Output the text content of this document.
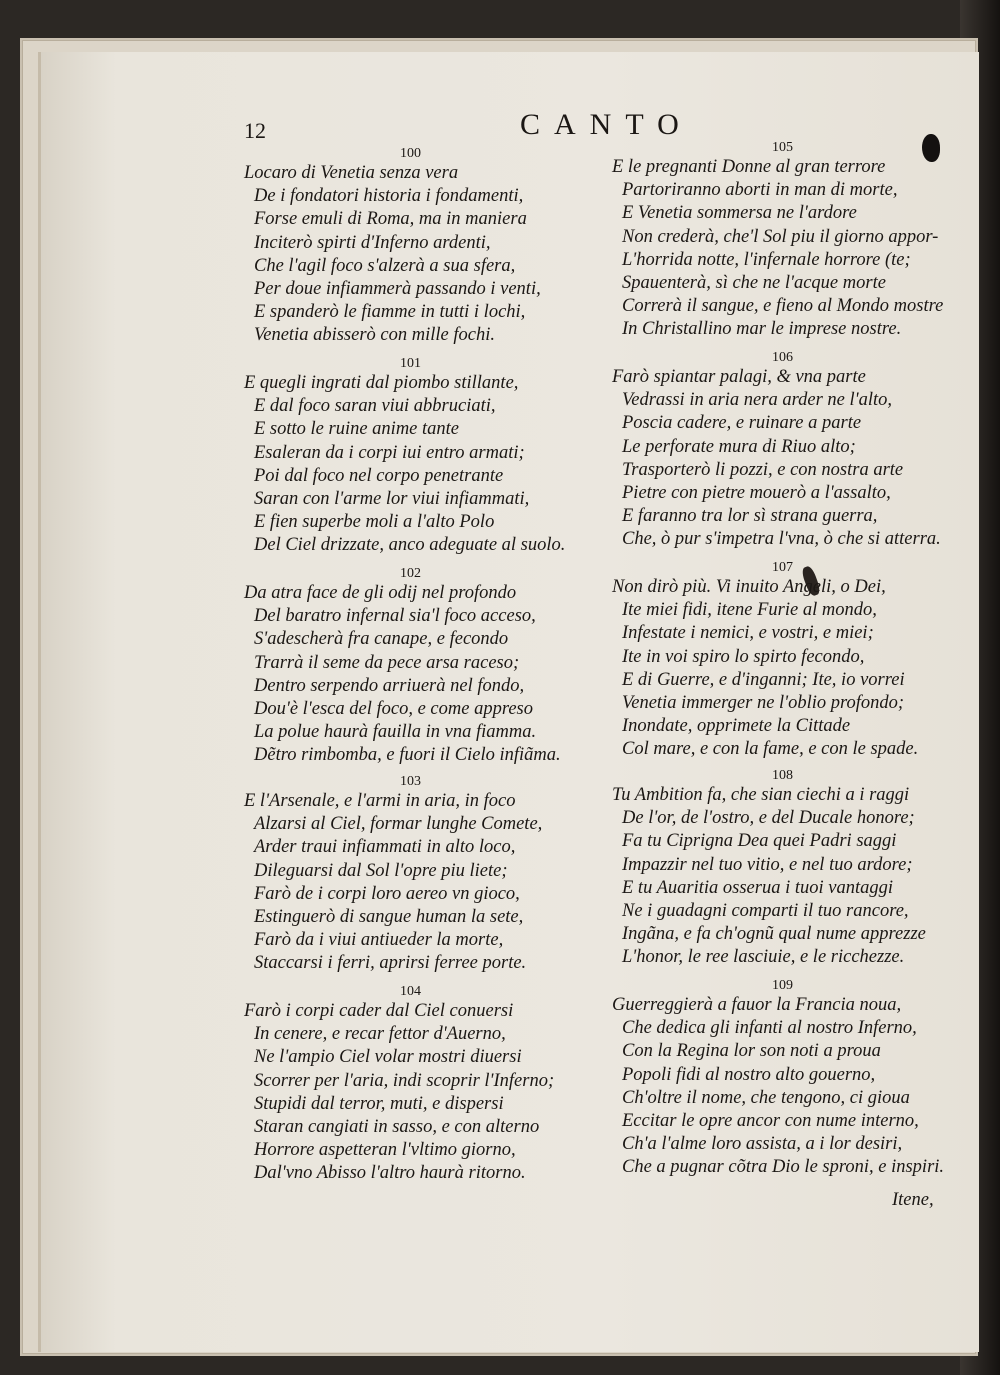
12	CANTO
100
Locaro di Venetia senza vera
De i fondatori historia i fondamenti,
Forse emuli di Roma, ma in maniera
Inciterò spirti d'Inferno ardenti,
Che l'agil foco s'alzerà a sua sfera,
Per doue infiammerà passando i venti,
E spanderò le fiamme in tutti i lochi,
Venetia abisserò con mille fochi.
101
E quegli ingrati dal piombo stillante,
E dal foco saran viui abbruciati,
E sotto le ruine anime tante
Esaleran da i corpi iui entro armati;
Poi dal foco nel corpo penetrante
Saran con l'arme lor viui infiammati,
E fien superbe moli a l'alto Polo
Del Ciel drizzate, anco adeguate al suolo.
102
Da atra face de gli odij nel profondo
Del baratro infernal sia'l foco acceso,
S'adescherà fra canape, e fecondo
Trarrà il seme da pece arsa raceso;
Dentro serpendo arriuerà nel fondo,
Dou'è l'esca del foco, e come appreso
La polue haurà fauilla in vna fiamma.
Dẽtro rimbomba, e fuori il Cielo infiãma.
103
E l'Arsenale, e l'armi in aria, in foco
Alzarsi al Ciel, formar lunghe Comete,
Arder traui infiammati in alto loco,
Dileguarsi dal Sol l'opre piu liete;
Farò de i corpi loro aereo vn gioco,
Estinguerò di sangue human la sete,
Farò da i viui antiueder la morte,
Staccarsi i ferri, aprirsi ferree porte.
104
Farò i corpi cader dal Ciel conuersi
In cenere, e recar fettor d'Auerno,
Ne l'ampio Ciel volar mostri diuersi
Scorrer per l'aria, indi scoprir l'Inferno;
Stupidi dal terror, muti, e dispersi
Staran cangiati in sasso, e con alterno
Horrore aspetteran l'vltimo giorno,
Dal'vno Abisso l'altro haurà ritorno.
105
E le pregnanti Donne al gran terrore
Partoriranno aborti in man di morte,
E Venetia sommersa ne l'ardore
Non crederà, che'l Sol piu il giorno appor-
L'horrida notte, l'infernale horrore (te;
Spauenterà, sì che ne l'acque morte
Correrà il sangue, e fieno al Mondo mostre
In Christallino mar le imprese nostre.
106
Farò spiantar palagi, & vna parte
Vedrassi in aria nera arder ne l'alto,
Poscia cadere, e ruinare a parte
Le perforate mura di Riuo alto;
Trasporterò li pozzi, e con nostra arte
Pietre con pietre mouerò a l'assalto,
E faranno tra lor sì strana guerra,
Che, ò pur s'impetra l'vna, ò che si atterra.
107
Non dirò più. Vi inuito Angeli, o Dei,
Ite miei fidi, itene Furie al mondo,
Infestate i nemici, e vostri, e miei;
Ite in voi spiro lo spirto fecondo,
E di Guerre, e d'inganni; Ite, io vorrei
Venetia immerger ne l'oblio profondo;
Inondate, opprimete la Cittade
Col mare, e con la fame, e con le spade.
108
Tu Ambition fa, che sian ciechi a i raggi
De l'or, de l'ostro, e del Ducale honore;
Fa tu Ciprigna Dea quei Padri saggi
Impazzir nel tuo vitio, e nel tuo ardore;
E tu Auaritia osserua i tuoi vantaggi
Ne i guadagni comparti il tuo rancore,
Ingãna, e fa ch'ognũ qual nume apprezze
L'honor, le ree lasciuie, e le ricchezze.
109
Guerreggierà a fauor la Francia noua,
Che dedica gli infanti al nostro Inferno,
Con la Regina lor son noti a proua
Popoli fidi al nostro alto gouerno,
Ch'oltre il nome, che tengono, ci gioua
Eccitar le opre ancor con nume interno,
Ch'a l'alme loro assista, a i lor desiri,
Che a pugnar cõtra Dio le sproni, e inspiri.
Itene,
